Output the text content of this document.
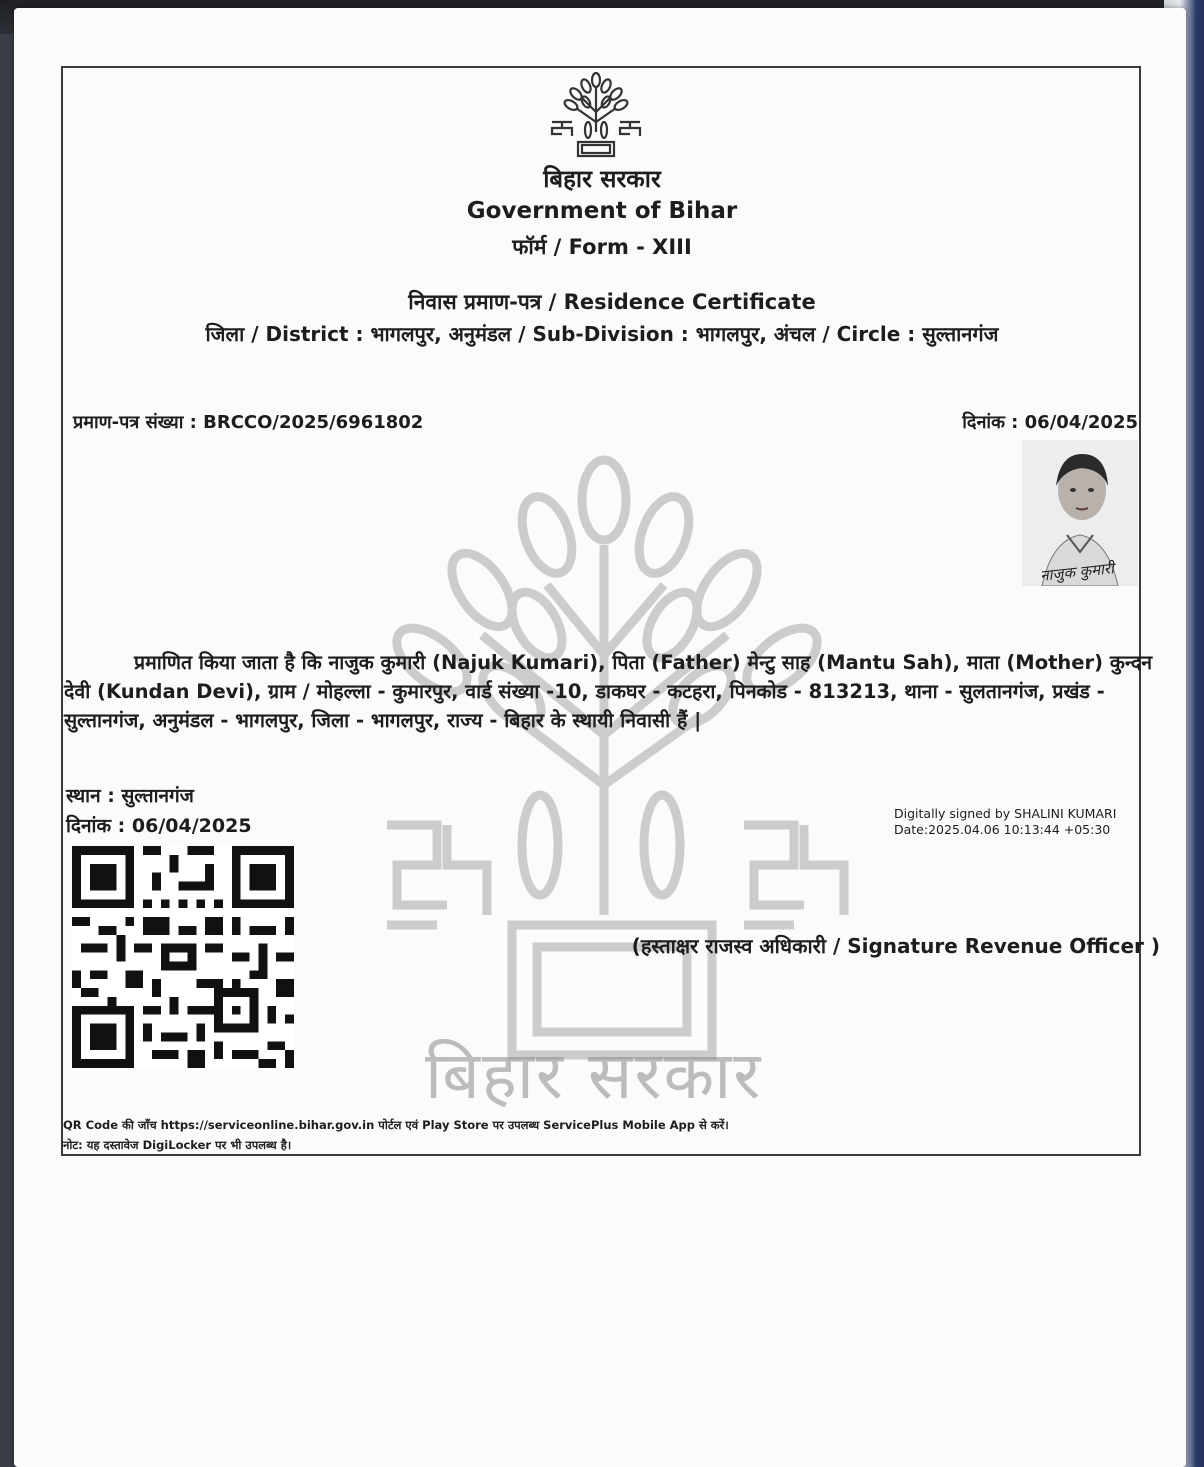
बिहार सरकार
Government of Bihar
फॉर्म / Form - XIII
निवास प्रमाण-पत्र / Residence Certificate
जिला / District : भागलपुर, अनुमंडल / Sub-Division : भागलपुर, अंचल / Circle : सुल्तानगंज
प्रमाण-पत्र संख्या : BRCCO/2025/6961802	दिनांक : 06/04/2025
बिहार सरकार
नाजुक कुमारी
प्रमाणित किया जाता है कि नाजुक कुमारी (Najuk Kumari), पिता (Father) मेन्टु साह (Mantu Sah), माता (Mother) कुन्दन देवी (Kundan Devi), ग्राम / मोहल्ला - कुमारपुर, वार्ड संख्या -10, डाकघर - कटहरा, पिनकोड - 813213, थाना - सुलतानगंज, प्रखंड - सुल्तानगंज, अनुमंडल - भागलपुर, जिला - भागलपुर, राज्य - बिहार के स्थायी निवासी हैं |
स्थान : सुल्तानगंज
दिनांक : 06/04/2025
Digitally signed by SHALINI KUMARI
Date:2025.04.06 10:13:44 +05:30
(हस्ताक्षर राजस्व अधिकारी / Signature Revenue Officer )
QR Code की जाँच https://serviceonline.bihar.gov.in पोर्टल एवं Play Store पर उपलब्ध ServicePlus Mobile App से करें।
नोट: यह दस्तावेज DigiLocker पर भी उपलब्ध है।
